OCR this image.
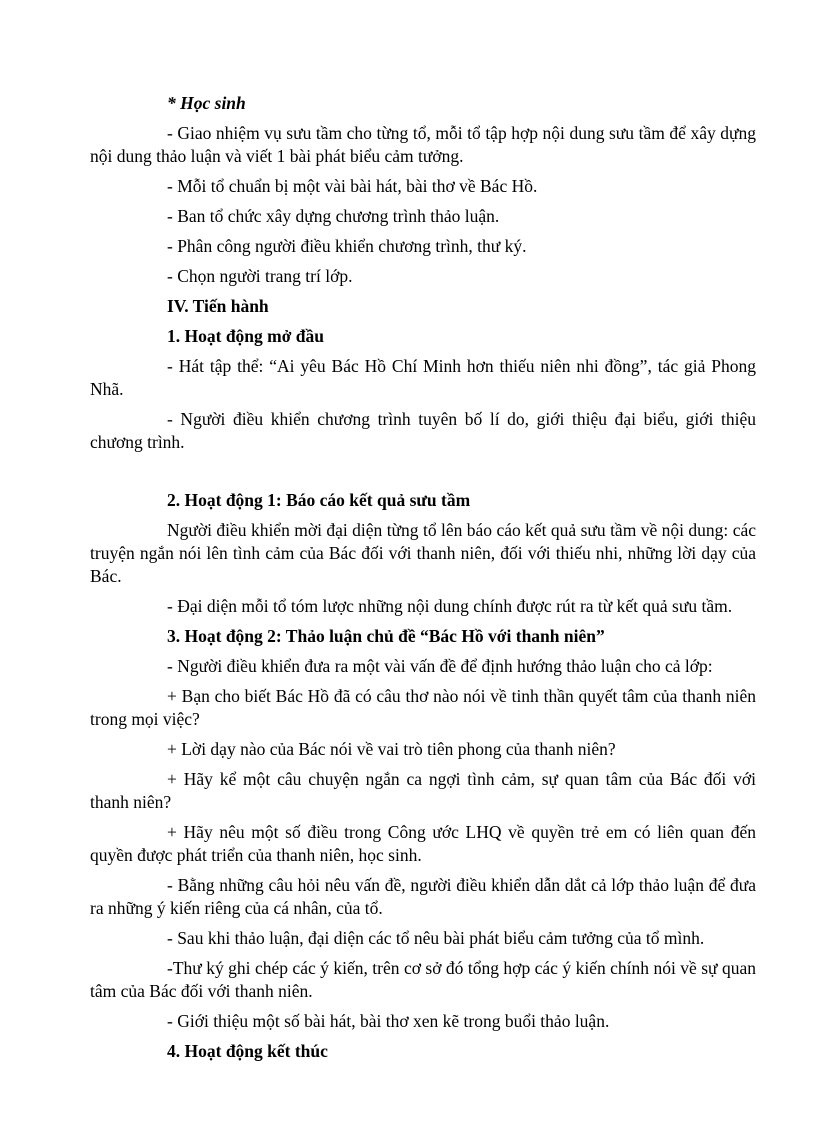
* Học sinh
- Giao nhiệm vụ sưu tầm cho từng tổ, mỗi tổ tập hợp nội dung sưu tầm để xây dựng nội dung thảo luận và viết 1 bài phát biểu cảm tưởng.
- Mỗi tổ chuẩn bị một vài bài hát, bài thơ về Bác Hồ.
- Ban tổ chức xây dựng chương trình thảo luận.
- Phân công người điều khiển chương trình, thư ký.
- Chọn người trang trí lớp.
IV. Tiến hành
1. Hoạt động mở đầu
- Hát tập thể: “Ai yêu Bác Hồ Chí Minh hơn thiếu niên nhi đồng”, tác giả Phong Nhã.
- Người điều khiển chương trình tuyên bố lí do, giới thiệu đại biểu, giới thiệu chương trình.
2. Hoạt động 1: Báo cáo kết quả sưu tầm
Người điều khiển mời đại diện từng tổ lên báo cáo kết quả sưu tầm về nội dung: các truyện ngắn nói lên tình cảm của Bác đối với thanh niên, đối với thiếu nhi, những lời dạy của Bác.
- Đại diện mỗi tổ tóm lược những nội dung chính được rút ra từ kết quả sưu tầm.
3. Hoạt động 2: Thảo luận chủ đề “Bác Hồ với thanh niên”
- Người điều khiển đưa ra một vài vấn đề để định hướng thảo luận cho cả lớp:
+ Bạn cho biết Bác Hồ đã có câu thơ nào nói về tinh thần quyết tâm của thanh niên trong mọi việc?
+ Lời dạy nào của Bác nói về vai trò tiên phong của thanh niên?
+ Hãy kể một câu chuyện ngắn ca ngợi tình cảm, sự quan tâm của Bác đối với thanh niên?
+ Hãy nêu một số điều trong Công ước LHQ về quyền trẻ em có liên quan đến quyền được phát triển của thanh niên, học sinh.
- Bằng những câu hỏi nêu vấn đề, người điều khiển dẫn dắt cả lớp thảo luận để đưa ra những ý kiến riêng của cá nhân, của tổ.
- Sau khi thảo luận, đại diện các tổ nêu bài phát biểu cảm tưởng của tổ mình.
-Thư ký ghi chép các ý kiến, trên cơ sở đó tổng hợp các ý kiến chính nói về sự quan tâm của Bác đối với thanh niên.
- Giới thiệu một số bài hát, bài thơ xen kẽ trong buổi thảo luận.
4. Hoạt động kết thúc
